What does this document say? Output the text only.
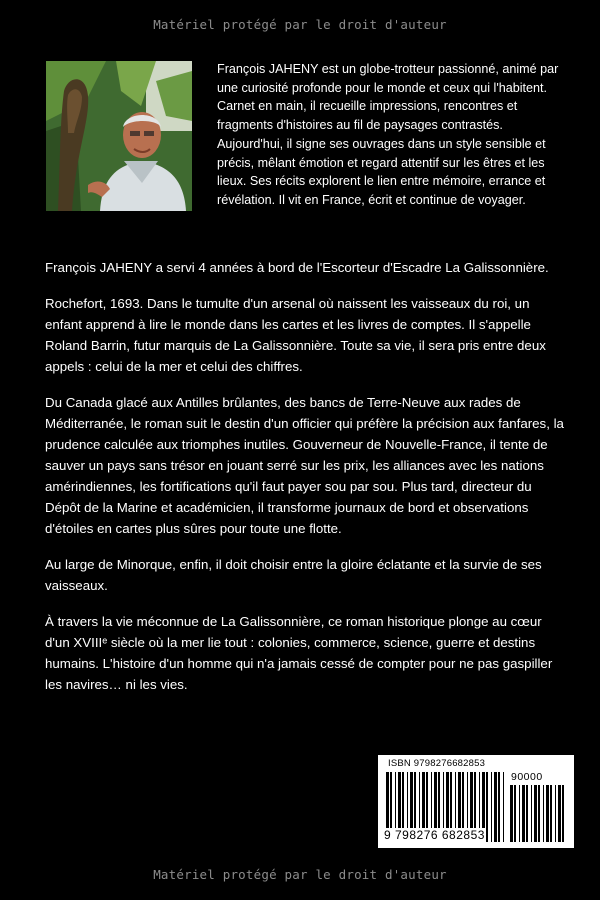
Matériel protégé par le droit d'auteur
François JAHENY est un globe-trotteur passionné, animé par une curiosité profonde pour le monde et ceux qui l'habitent. Carnet en main, il recueille impressions, rencontres et fragments d'histoires au fil de paysages contrastés. Aujourd'hui, il signe ses ouvrages dans un style sensible et précis, mêlant émotion et regard attentif sur les êtres et les lieux. Ses récits explorent le lien entre mémoire, errance et révélation. Il vit en France, écrit et continue de voyager.

François JAHENY a servi 4 années à bord de l'Escorteur d'Escadre La Galissonnière.

Rochefort, 1693. Dans le tumulte d'un arsenal où naissent les vaisseaux du roi, un enfant apprend à lire le monde dans les cartes et les livres de comptes. Il s'appelle Roland Barrin, futur marquis de La Galissonnière. Toute sa vie, il sera pris entre deux appels : celui de la mer et celui des chiffres.

Du Canada glacé aux Antilles brûlantes, des bancs de Terre-Neuve aux rades de Méditerranée, le roman suit le destin d'un officier qui préfère la précision aux fanfares, la prudence calculée aux triomphes inutiles. Gouverneur de Nouvelle-France, il tente de sauver un pays sans trésor en jouant serré sur les prix, les alliances avec les nations amérindiennes, les fortifications qu'il faut payer sou par sou. Plus tard, directeur du Dépôt de la Marine et académicien, il transforme journaux de bord et observations d'étoiles en cartes plus sûres pour toute une flotte.

Au large de Minorque, enfin, il doit choisir entre la gloire éclatante et la survie de ses vaisseaux.

À travers la vie méconnue de La Galissonnière, ce roman historique plonge au cœur d'un XVIIIᵉ siècle où la mer lie tout : colonies, commerce, science, guerre et destins humains. L'histoire d'un homme qui n'a jamais cessé de compter pour ne pas gaspiller les navires… ni les vies.

ISBN 9798276682853
90000
9 798276 682853
Matériel protégé par le droit d'auteur
